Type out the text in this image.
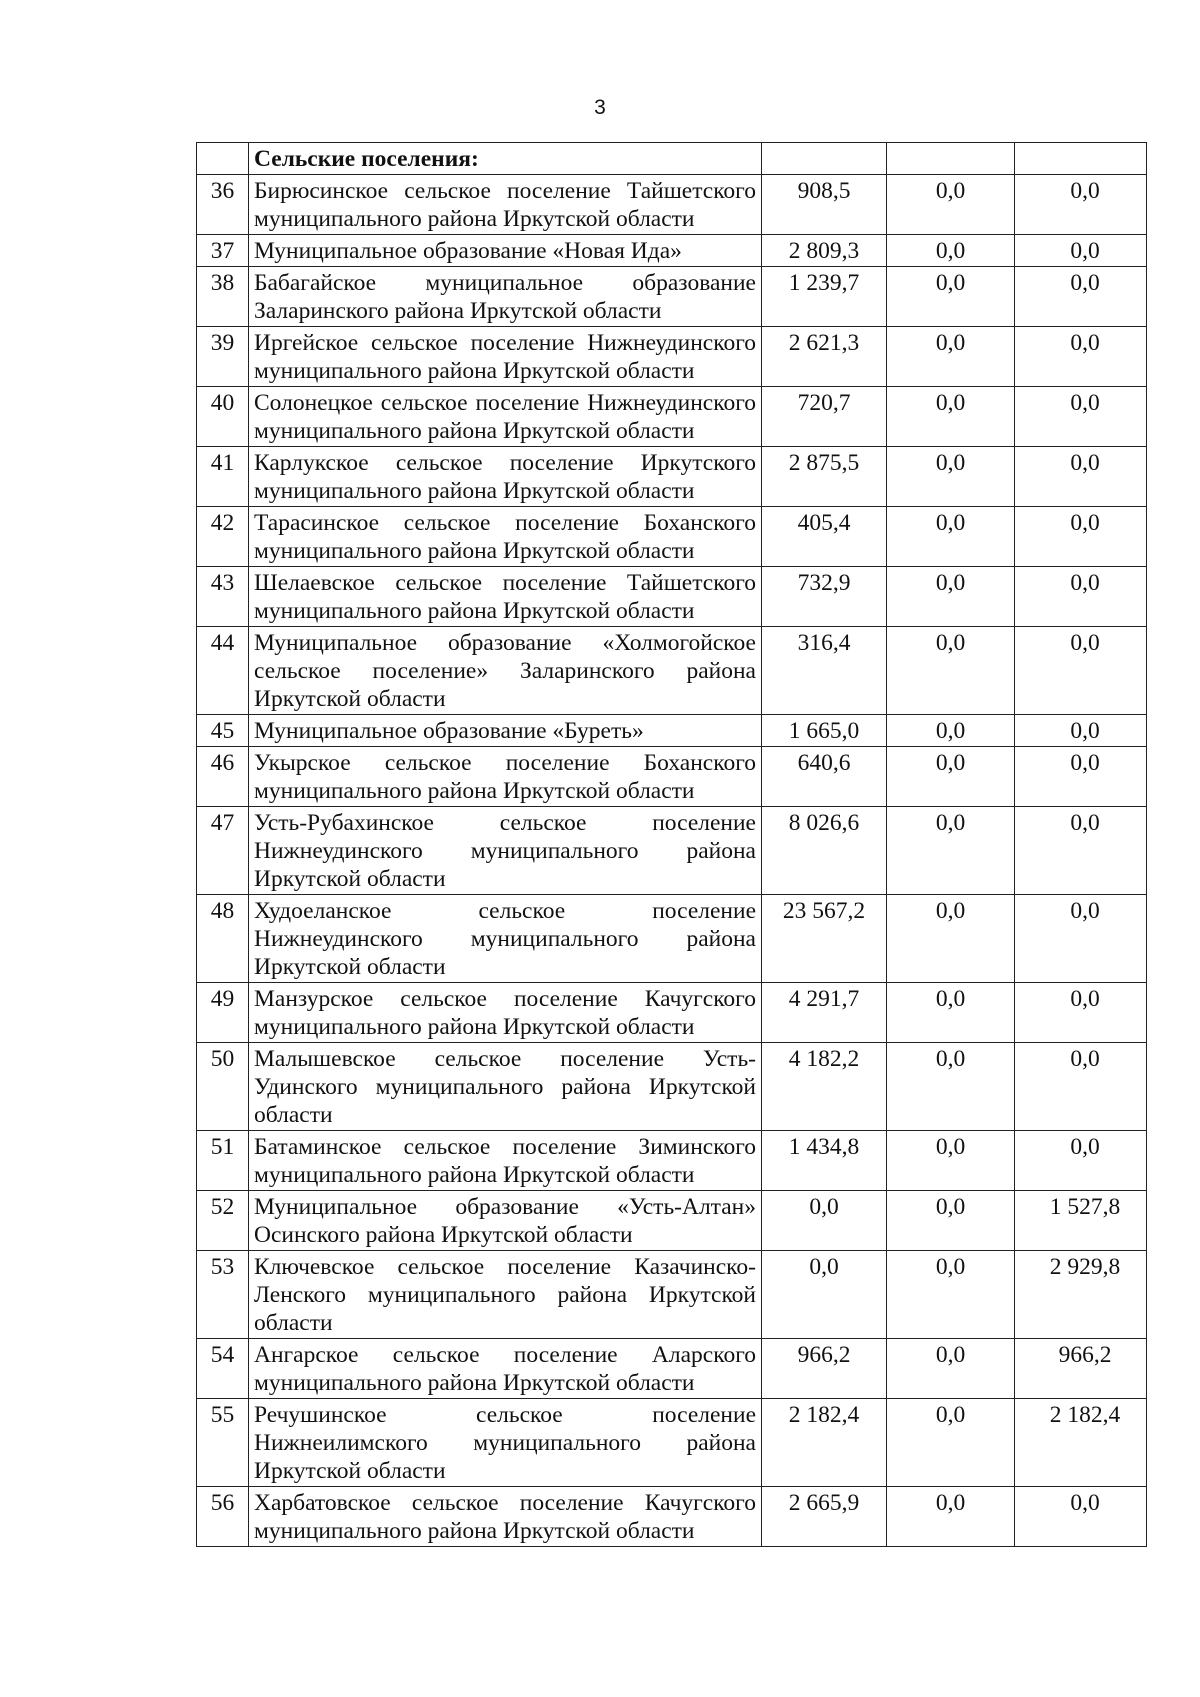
3
	Сельские поселения:			
36	Бирюсинское сельское поселение Тайшетского муниципального района Иркутской области	908,5	0,0	0,0
37	Муниципальное образование «Новая Ида»	2 809,3	0,0	0,0
38	Бабагайское муниципальное образование Заларинского района Иркутской области	1 239,7	0,0	0,0
39	Иргейское сельское поселение Нижнеудинского муниципального района Иркутской области	2 621,3	0,0	0,0
40	Солонецкое сельское поселение Нижнеудинского муниципального района Иркутской области	720,7	0,0	0,0
41	Карлукское сельское поселение Иркутского муниципального района Иркутской области	2 875,5	0,0	0,0
42	Тарасинское сельское поселение Боханского муниципального района Иркутской области	405,4	0,0	0,0
43	Шелаевское сельское поселение Тайшетского муниципального района Иркутской области	732,9	0,0	0,0
44	Муниципальное образование «Холмогойское сельское поселение» Заларинского района Иркутской области	316,4	0,0	0,0
45	Муниципальное образование «Буреть»	1 665,0	0,0	0,0
46	Укырское сельское поселение Боханского муниципального района Иркутской области	640,6	0,0	0,0
47	Усть-Рубахинское сельское поселение Нижнеудинского муниципального района Иркутской области	8 026,6	0,0	0,0
48	Худоеланское сельское поселение Нижнеудинского муниципального района Иркутской области	23 567,2	0,0	0,0
49	Манзурское сельское поселение Качугского муниципального района Иркутской области	4 291,7	0,0	0,0
50	Малышевское сельское поселение Усть-Удинского муниципального района Иркутской области	4 182,2	0,0	0,0
51	Батаминское сельское поселение Зиминского муниципального района Иркутской области	1 434,8	0,0	0,0
52	Муниципальное образование «Усть-Алтан» Осинского района Иркутской области	0,0	0,0	1 527,8
53	Ключевское сельское поселение Казачинско-Ленского муниципального района Иркутской области	0,0	0,0	2 929,8
54	Ангарское сельское поселение Аларского муниципального района Иркутской области	966,2	0,0	966,2
55	Речушинское сельское поселение Нижнеилимского муниципального района Иркутской области	2 182,4	0,0	2 182,4
56	Харбатовское сельское поселение Качугского муниципального района Иркутской области	2 665,9	0,0	0,0
